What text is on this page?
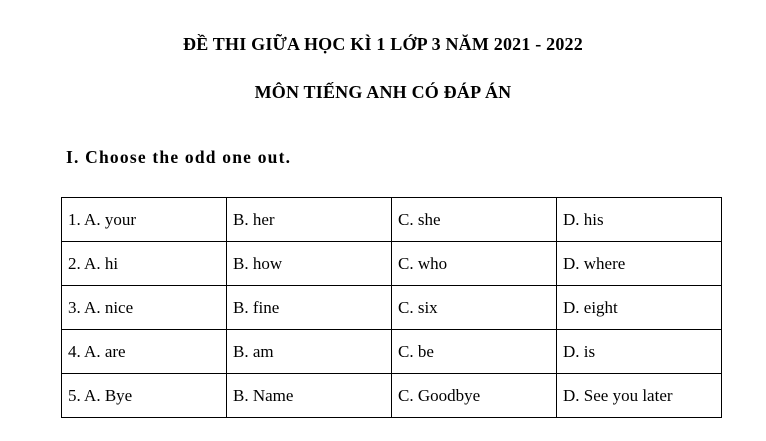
ĐỀ THI GIỮA HỌC KÌ 1 LỚP 3 NĂM 2021 - 2022
MÔN TIẾNG ANH CÓ ĐÁP ÁN
I. Choose the odd one out.
1. A. your	B. her	C. she	D. his
2. A. hi	B. how	C. who	D. where
3. A. nice	B. fine	C. six	D. eight
4. A. are	B. am	C. be	D. is
5. A. Bye	B. Name	C. Goodbye	D. See you later
